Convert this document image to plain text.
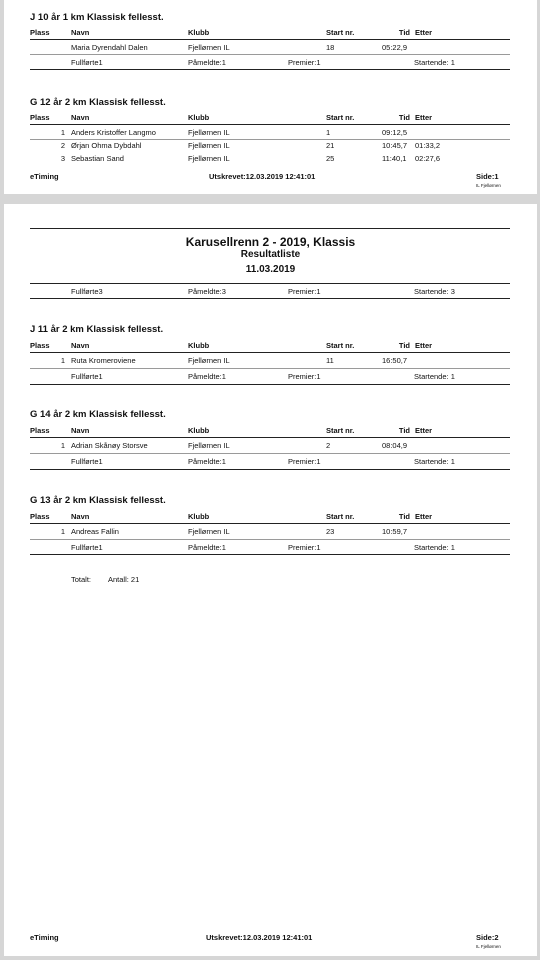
J 10 år 1 km Klassisk fellesst.
Plass	Navn	Klubb	Start nr.	Tid Etter
Maria Dyrendahl Dalen	Fjellørnen IL	18	05:22,9
Fullførte1	Påmeldte:1	Premier:1	Startende: 1
G 12 år 2 km Klassisk fellesst.
Plass	Navn	Klubb	Start nr.	Tid Etter
1 Anders Kristoffer Langmo	Fjellørnen IL	1	09:12,5
2 Ørjan Ohma Dybdahl	Fjellørnen IL	21	10:45,7 01:33,2
3 Sebastian Sand	Fjellørnen IL	25	11:40,1 02:27,6
eTiming	Utskrevet:12.03.2019 12:41:01	Side:1
IL Fjellørnen
Karusellrenn 2 - 2019, Klassis
Resultatliste
11.03.2019
Fullførte3	Påmeldte:3	Premier:1	Startende: 3
J 11 år 2 km Klassisk fellesst.
Plass	Navn	Klubb	Start nr.	Tid Etter
1 Ruta Kromeroviene	Fjellørnen IL	11	16:50,7
Fullførte1	Påmeldte:1	Premier:1	Startende: 1
G 14 år 2 km Klassisk fellesst.
Plass	Navn	Klubb	Start nr.	Tid Etter
1 Adrian Skånøy Storsve	Fjellørnen IL	2	08:04,9
Fullførte1	Påmeldte:1	Premier:1	Startende: 1
G 13 år 2 km Klassisk fellesst.
Plass	Navn	Klubb	Start nr.	Tid Etter
1 Andreas Fallin	Fjellørnen IL	23	10:59,7
Fullførte1	Påmeldte:1	Premier:1	Startende: 1
Totalt: Antall: 21
eTiming	Utskrevet:12.03.2019 12:41:01	Side:2
IL Fjellørnen
